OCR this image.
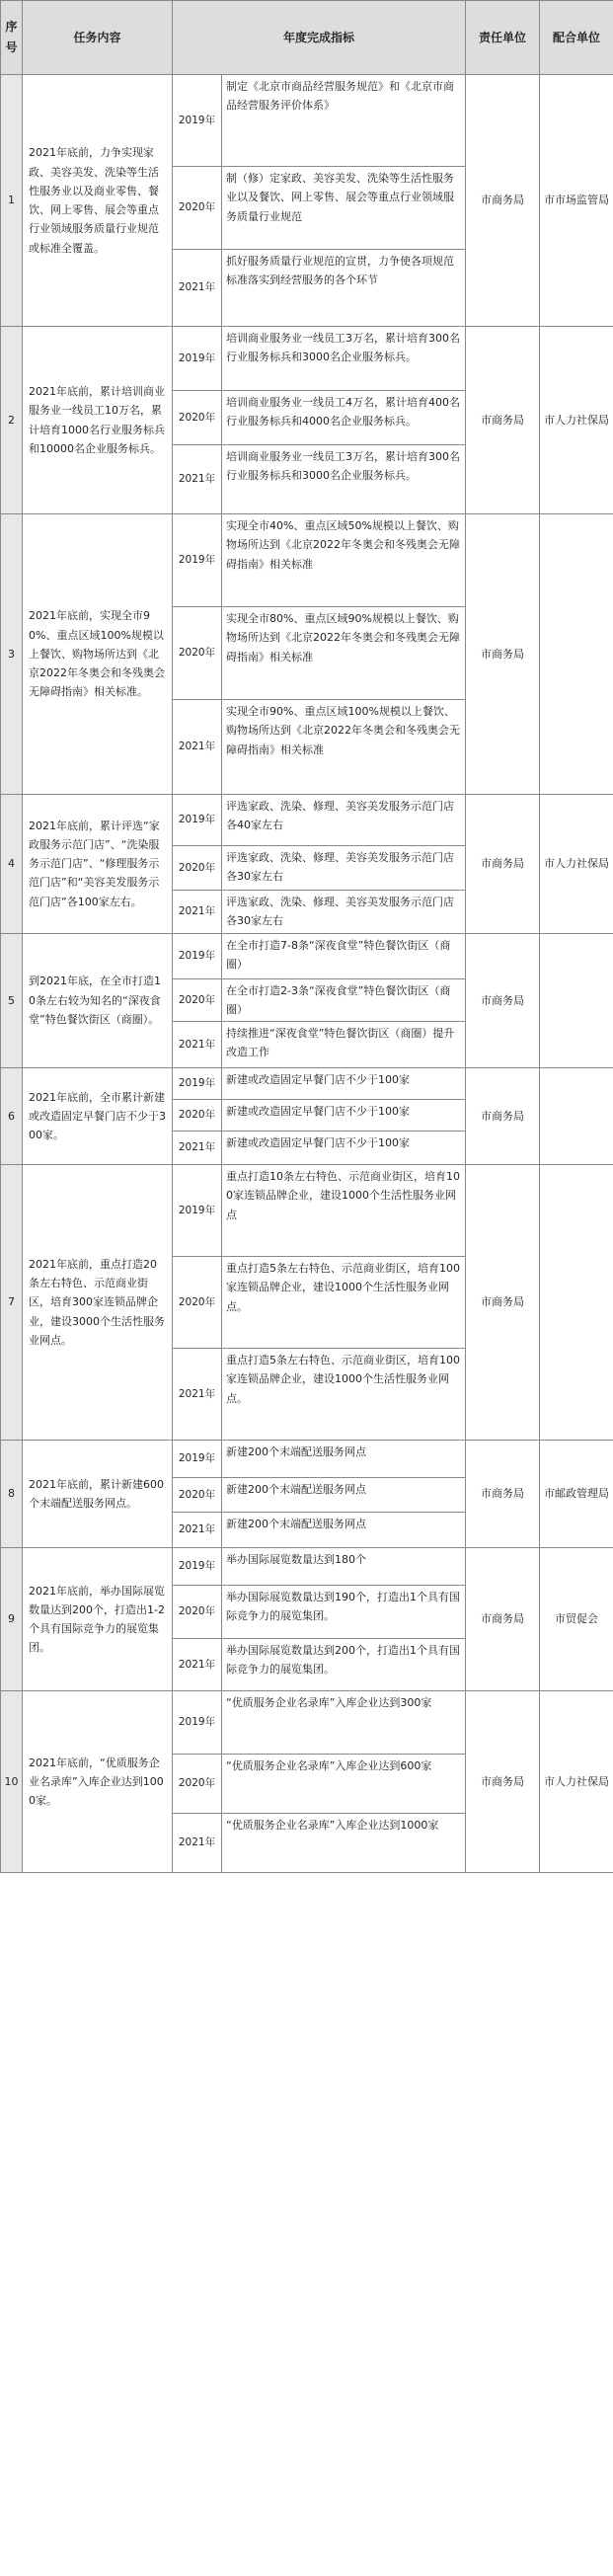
序号	任务内容	年度完成指标		责任单位	配合单位
1	2021年底前，力争实现家政、美容美发、洗染等生活性服务业以及商业零售、餐饮、网上零售、展会等重点行业领域服务质量行业规范或标准全覆盖。	2019年	制定《北京市商品经营服务规范》和《北京市商品经营服务评价体系》	市商务局	市市场监管局
		2020年	制（修）定家政、美容美发、洗染等生活性服务业以及餐饮、网上零售、展会等重点行业领域服务质量行业规范		
		2021年	抓好服务质量行业规范的宣贯，力争使各项规范标准落实到经营服务的各个环节		
2	2021年底前，累计培训商业服务业一线员工10万名，累计培育1000名行业服务标兵和10000名企业服务标兵。	2019年	培训商业服务业一线员工3万名，累计培育300名行业服务标兵和3000名企业服务标兵。	市商务局	市人力社保局
		2020年	培训商业服务业一线员工4万名，累计培育400名行业服务标兵和4000名企业服务标兵。		
		2021年	培训商业服务业一线员工3万名，累计培育300名行业服务标兵和3000名企业服务标兵。		
3	2021年底前，实现全市90%、重点区域100%规模以上餐饮、购物场所达到《北京2022年冬奥会和冬残奥会无障碍指南》相关标准。	2019年	实现全市40%、重点区域50%规模以上餐饮、购物场所达到《北京2022年冬奥会和冬残奥会无障碍指南》相关标准	市商务局	
		2020年	实现全市80%、重点区域90%规模以上餐饮、购物场所达到《北京2022年冬奥会和冬残奥会无障碍指南》相关标准		
		2021年	实现全市90%、重点区域100%规模以上餐饮、购物场所达到《北京2022年冬奥会和冬残奥会无障碍指南》相关标准		
4	2021年底前，累计评选“家政服务示范门店”、“洗染服务示范门店”、“修理服务示范门店”和“美容美发服务示范门店”各100家左右。	2019年	评选家政、洗染、修理、美容美发服务示范门店各40家左右	市商务局	市人力社保局
		2020年	评选家政、洗染、修理、美容美发服务示范门店各30家左右		
		2021年	评选家政、洗染、修理、美容美发服务示范门店各30家左右		
5	到2021年底，在全市打造10条左右较为知名的“深夜食堂”特色餐饮街区（商圈）。	2019年	在全市打造7-8条“深夜食堂”特色餐饮街区（商圈）	市商务局	
		2020年	在全市打造2-3条“深夜食堂”特色餐饮街区（商圈）		
		2021年	持续推进“深夜食堂”特色餐饮街区（商圈）提升改造工作		
6	2021年底前，全市累计新建或改造固定早餐门店不少于300家。	2019年	新建或改造固定早餐门店不少于100家	市商务局	
		2020年	新建或改造固定早餐门店不少于100家		
		2021年	新建或改造固定早餐门店不少于100家		
7	2021年底前，重点打造20条左右特色、示范商业街区，培育300家连锁品牌企业，建设3000个生活性服务业网点。	2019年	重点打造10条左右特色、示范商业街区，培育100家连锁品牌企业，建设1000个生活性服务业网点	市商务局	
		2020年	重点打造5条左右特色、示范商业街区，培育100家连锁品牌企业，建设1000个生活性服务业网点。		
		2021年	重点打造5条左右特色、示范商业街区，培育100家连锁品牌企业，建设1000个生活性服务业网点。		
8	2021年底前，累计新建600个末端配送服务网点。	2019年	新建200个末端配送服务网点	市商务局	市邮政管理局
		2020年	新建200个末端配送服务网点		
		2021年	新建200个末端配送服务网点		
9	2021年底前，举办国际展览数量达到200个，打造出1-2个具有国际竞争力的展览集团。	2019年	举办国际展览数量达到180个	市商务局	市贸促会
		2020年	举办国际展览数量达到190个，打造出1个具有国际竞争力的展览集团。		
		2021年	举办国际展览数量达到200个，打造出1个具有国际竞争力的展览集团。		
10	2021年底前，“优质服务企业名录库”入库企业达到1000家。	2019年	“优质服务企业名录库”入库企业达到300家	市商务局	市人力社保局
		2020年	“优质服务企业名录库”入库企业达到600家		
		2021年	“优质服务企业名录库”入库企业达到1000家		
